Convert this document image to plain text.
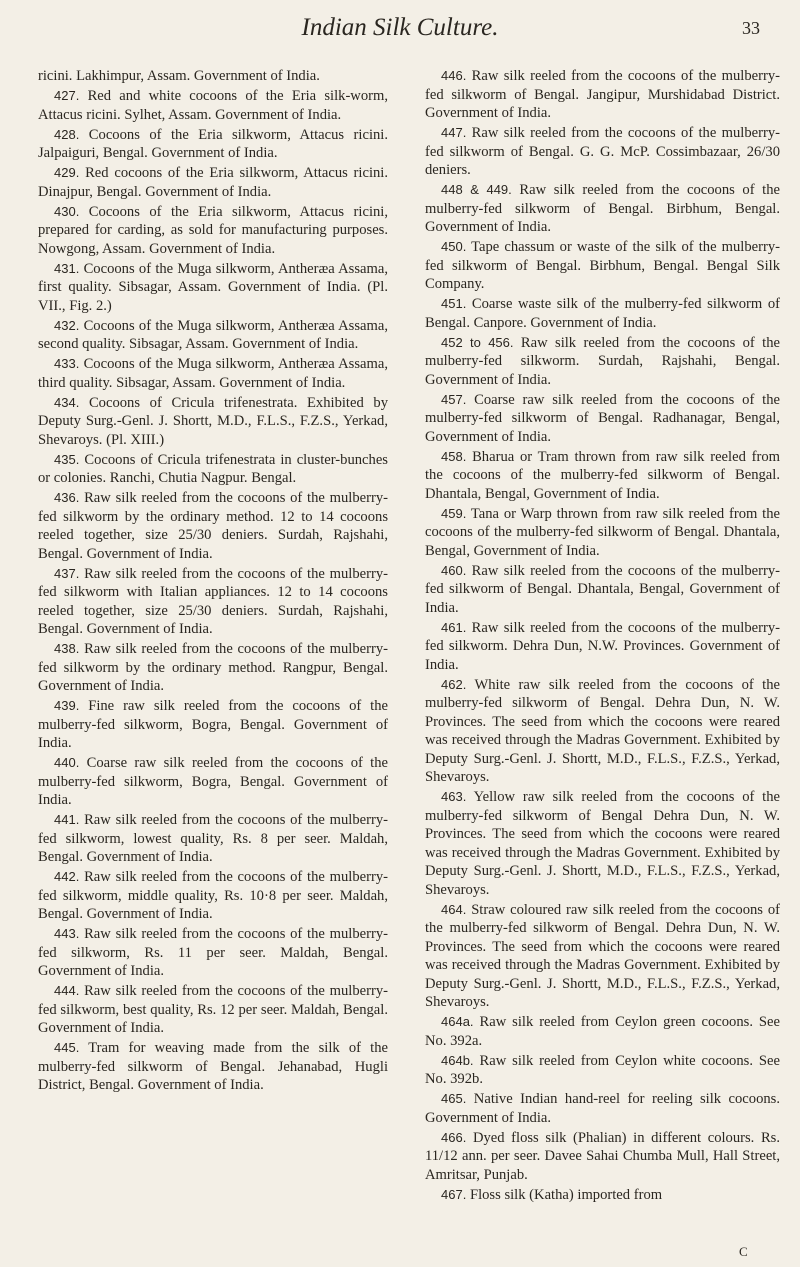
Indian Silk Culture.	33

ricini. Lakhimpur, Assam. Government of India.

427. Red and white cocoons of the Eria silk-worm, Attacus ricini. Sylhet, Assam. Government of India.

428. Cocoons of the Eria silkworm, Attacus ricini. Jalpaiguri, Bengal. Government of India.

429. Red cocoons of the Eria silkworm, Attacus ricini. Dinajpur, Bengal. Government of India.

430. Cocoons of the Eria silkworm, Attacus ricini, prepared for carding, as sold for manufacturing purposes. Nowgong, Assam. Government of India.

431. Cocoons of the Muga silkworm, Antheræa Assama, first quality. Sibsagar, Assam. Government of India. (Pl. VII., Fig. 2.)

432. Cocoons of the Muga silkworm, Antheræa Assama, second quality. Sibsagar, Assam. Government of India.

433. Cocoons of the Muga silkworm, Antheræa Assama, third quality. Sibsagar, Assam. Government of India.

434. Cocoons of Cricula trifenestrata. Exhibited by Deputy Surg.-Genl. J. Shortt, M.D., F.L.S., F.Z.S., Yerkad, Shevaroys. (Pl. XIII.)

435. Cocoons of Cricula trifenestrata in cluster-bunches or colonies. Ranchi, Chutia Nagpur. Bengal.

436. Raw silk reeled from the cocoons of the mulberry-fed silkworm by the ordinary method. 12 to 14 cocoons reeled together, size 25/30 deniers. Surdah, Rajshahi, Bengal. Government of India.

437. Raw silk reeled from the cocoons of the mulberry-fed silkworm with Italian appliances. 12 to 14 cocoons reeled together, size 25/30 deniers. Surdah, Rajshahi, Bengal. Government of India.

438. Raw silk reeled from the cocoons of the mulberry-fed silkworm by the ordinary method. Rangpur, Bengal. Government of India.

439. Fine raw silk reeled from the cocoons of the mulberry-fed silkworm, Bogra, Bengal. Government of India.

440. Coarse raw silk reeled from the cocoons of the mulberry-fed silkworm, Bogra, Bengal. Government of India.

441. Raw silk reeled from the cocoons of the mulberry-fed silkworm, lowest quality, Rs. 8 per seer. Maldah, Bengal. Government of India.

442. Raw silk reeled from the cocoons of the mulberry-fed silkworm, middle quality, Rs. 10·8 per seer. Maldah, Bengal. Government of India.

443. Raw silk reeled from the cocoons of the mulberry-fed silkworm, Rs. 11 per seer. Maldah, Bengal. Government of India.

444. Raw silk reeled from the cocoons of the mulberry-fed silkworm, best quality, Rs. 12 per seer. Maldah, Bengal. Government of India.

445. Tram for weaving made from the silk of the mulberry-fed silkworm of Bengal. Jehanabad, Hugli District, Bengal. Government of India.

446. Raw silk reeled from the cocoons of the mulberry-fed silkworm of Bengal. Jangipur, Murshidabad District. Government of India.

447. Raw silk reeled from the cocoons of the mulberry-fed silkworm of Bengal. G. G. McP. Cossimbazaar, 26/30 deniers.

448 & 449. Raw silk reeled from the cocoons of the mulberry-fed silkworm of Bengal. Birbhum, Bengal. Government of India.

450. Tape chassum or waste of the silk of the mulberry-fed silkworm of Bengal. Birbhum, Bengal. Bengal Silk Company.

451. Coarse waste silk of the mulberry-fed silkworm of Bengal. Canpore. Government of India.

452 to 456. Raw silk reeled from the cocoons of the mulberry-fed silkworm. Surdah, Rajshahi, Bengal. Government of India.

457. Coarse raw silk reeled from the cocoons of the mulberry-fed silkworm of Bengal. Radhanagar, Bengal, Government of India.

458. Bharua or Tram thrown from raw silk reeled from the cocoons of the mulberry-fed silkworm of Bengal. Dhantala, Bengal, Government of India.

459. Tana or Warp thrown from raw silk reeled from the cocoons of the mulberry-fed silkworm of Bengal. Dhantala, Bengal, Government of India.

460. Raw silk reeled from the cocoons of the mulberry-fed silkworm of Bengal. Dhantala, Bengal, Government of India.

461. Raw silk reeled from the cocoons of the mulberry-fed silkworm. Dehra Dun, N.W. Provinces. Government of India.

462. White raw silk reeled from the cocoons of the mulberry-fed silkworm of Bengal. Dehra Dun, N. W. Provinces. The seed from which the cocoons were reared was received through the Madras Government. Exhibited by Deputy Surg.-Genl. J. Shortt, M.D., F.L.S., F.Z.S., Yerkad, Shevaroys.

463. Yellow raw silk reeled from the cocoons of the mulberry-fed silkworm of Bengal Dehra Dun, N. W. Provinces. The seed from which the cocoons were reared was received through the Madras Government. Exhibited by Deputy Surg.-Genl. J. Shortt, M.D., F.L.S., F.Z.S., Yerkad, Shevaroys.

464. Straw coloured raw silk reeled from the cocoons of the mulberry-fed silkworm of Bengal. Dehra Dun, N. W. Provinces. The seed from which the cocoons were reared was received through the Madras Government. Exhibited by Deputy Surg.-Genl. J. Shortt, M.D., F.L.S., F.Z.S., Yerkad, Shevaroys.

464a. Raw silk reeled from Ceylon green cocoons. See No. 392a.

464b. Raw silk reeled from Ceylon white cocoons. See No. 392b.

465. Native Indian hand-reel for reeling silk cocoons. Government of India.

466. Dyed floss silk (Phalian) in different colours. Rs. 11/12 ann. per seer. Davee Sahai Chumba Mull, Hall Street, Amritsar, Punjab.

467. Floss silk (Katha) imported from

C
